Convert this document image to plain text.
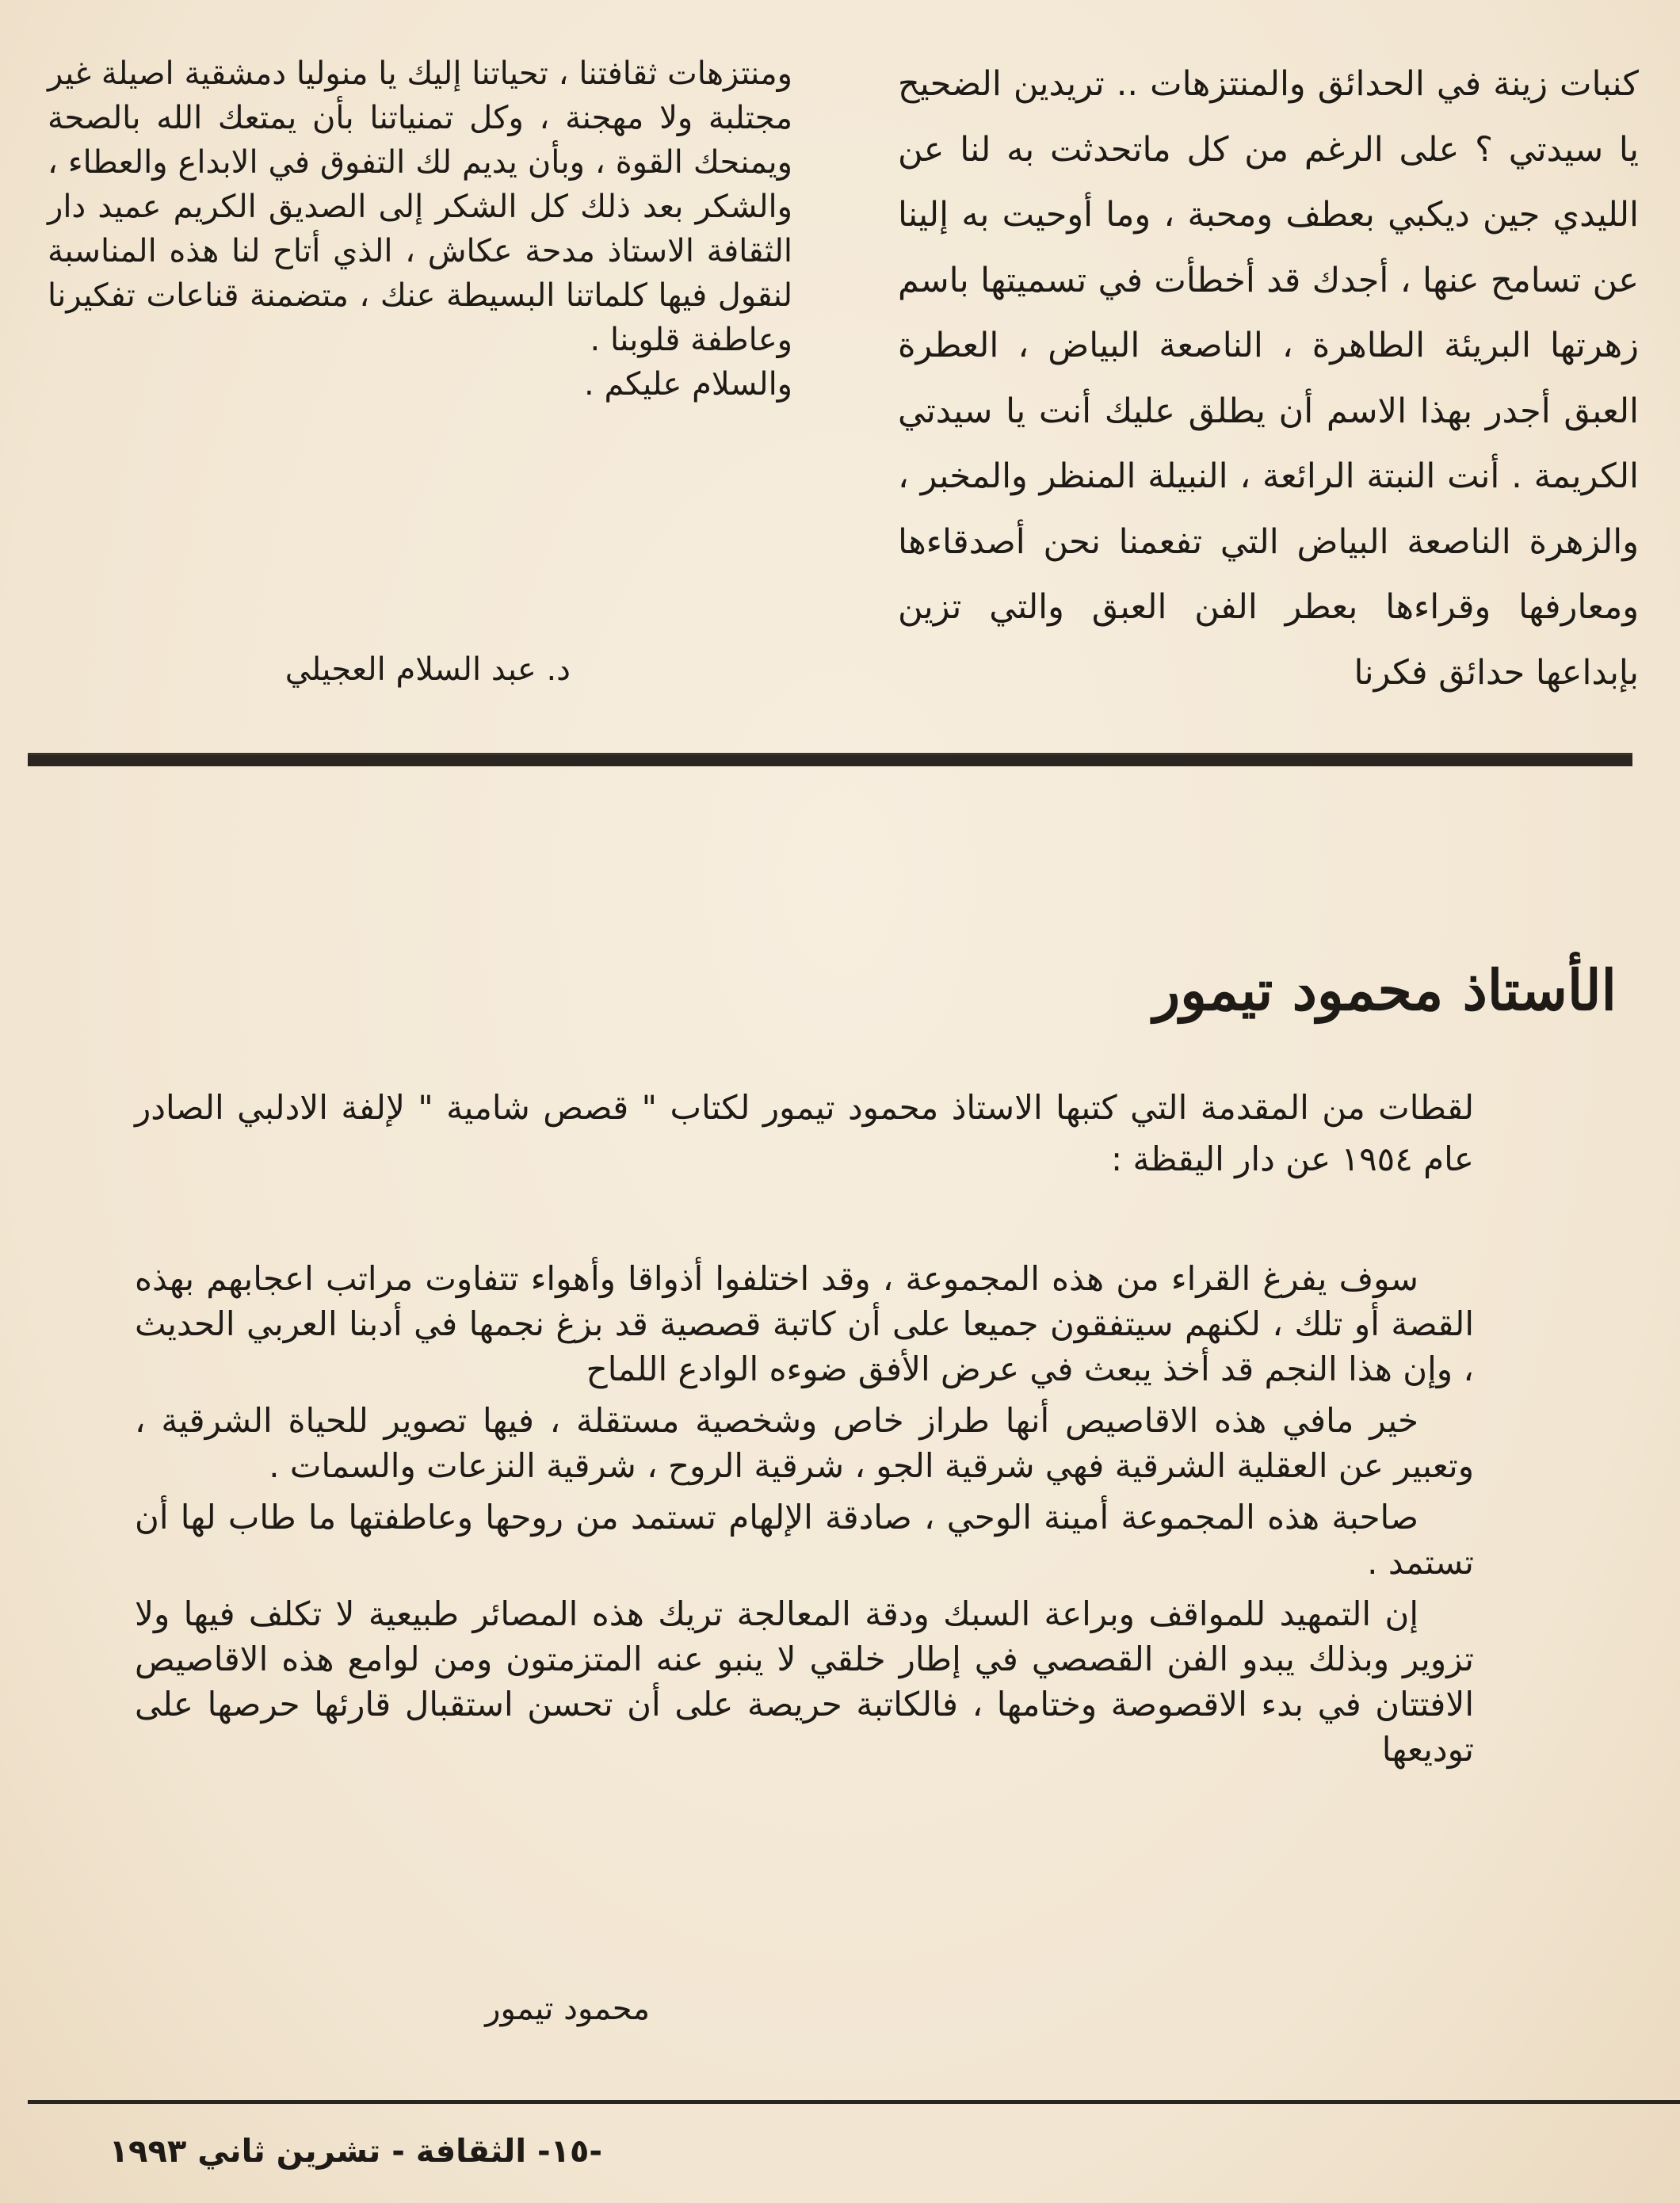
كنبات زينة في الحدائق والمنتزهات .. تريدين الضحيح يا سيدتي ؟ على الرغم من كل ماتحدثت به لنا عن الليدي جين ديكبي بعطف ومحبة ، وما أوحيت به إلينا عن تسامح عنها ، أجدك قد أخطأت في تسميتها باسم زهرتها البريئة الطاهرة ، الناصعة البياض ، العطرة العبق أجدر بهذا الاسم أن يطلق عليك أنت يا سيدتي الكريمة . أنت النبتة الرائعة ، النبيلة المنظر والمخبر ، والزهرة الناصعة البياض التي تفعمنا نحن أصدقاءها ومعارفها وقراءها بعطر الفن العبق والتي تزين بإبداعها حدائق فكرنا

ومنتزهات ثقافتنا ، تحياتنا إليك يا منوليا دمشقية اصيلة غير مجتلبة ولا مهجنة ، وكل تمنياتنا بأن يمتعك الله بالصحة ويمنحك القوة ، وبأن يديم لك التفوق في الابداع والعطاء ، والشكر بعد ذلك كل الشكر إلى الصديق الكريم عميد دار الثقافة الاستاذ مدحة عكاش ، الذي أتاح لنا هذه المناسبة لنقول فيها كلماتنا البسيطة عنك ، متضمنة قناعات تفكيرنا وعاطفة قلوبنا .

والسلام عليكم .

د. عبد السلام العجيلي
الأستاذ محمود تيمور
لقطات من المقدمة التي كتبها الاستاذ محمود تيمور لكتاب " قصص شامية " لإلفة الادلبي الصادر عام ١٩٥٤ عن دار اليقظة :

سوف يفرغ القراء من هذه المجموعة ، وقد اختلفوا أذواقا وأهواء تتفاوت مراتب اعجابهم بهذه القصة أو تلك ، لكنهم سيتفقون جميعا على أن كاتبة قصصية قد بزغ نجمها في أدبنا العربي الحديث ، وإن هذا النجم قد أخذ يبعث في عرض الأفق ضوءه الوادع اللماح

خير مافي هذه الاقاصيص أنها طراز خاص وشخصية مستقلة ، فيها تصوير للحياة الشرقية ، وتعبير عن العقلية الشرقية فهي شرقية الجو ، شرقية الروح ، شرقية النزعات والسمات .

صاحبة هذه المجموعة أمينة الوحي ، صادقة الإلهام تستمد من روحها وعاطفتها ما طاب لها أن تستمد .

إن التمهيد للمواقف وبراعة السبك ودقة المعالجة تريك هذه المصائر طبيعية لا تكلف فيها ولا تزوير وبذلك يبدو الفن القصصي في إطار خلقي لا ينبو عنه المتزمتون ومن لوامع هذه الاقاصيص الافتتان في بدء الاقصوصة وختامها ، فالكاتبة حريصة على أن تحسن استقبال قارئها حرصها على توديعها

محمود تيمور
-١٥- الثقافة - تشرين ثاني ١٩٩٣
